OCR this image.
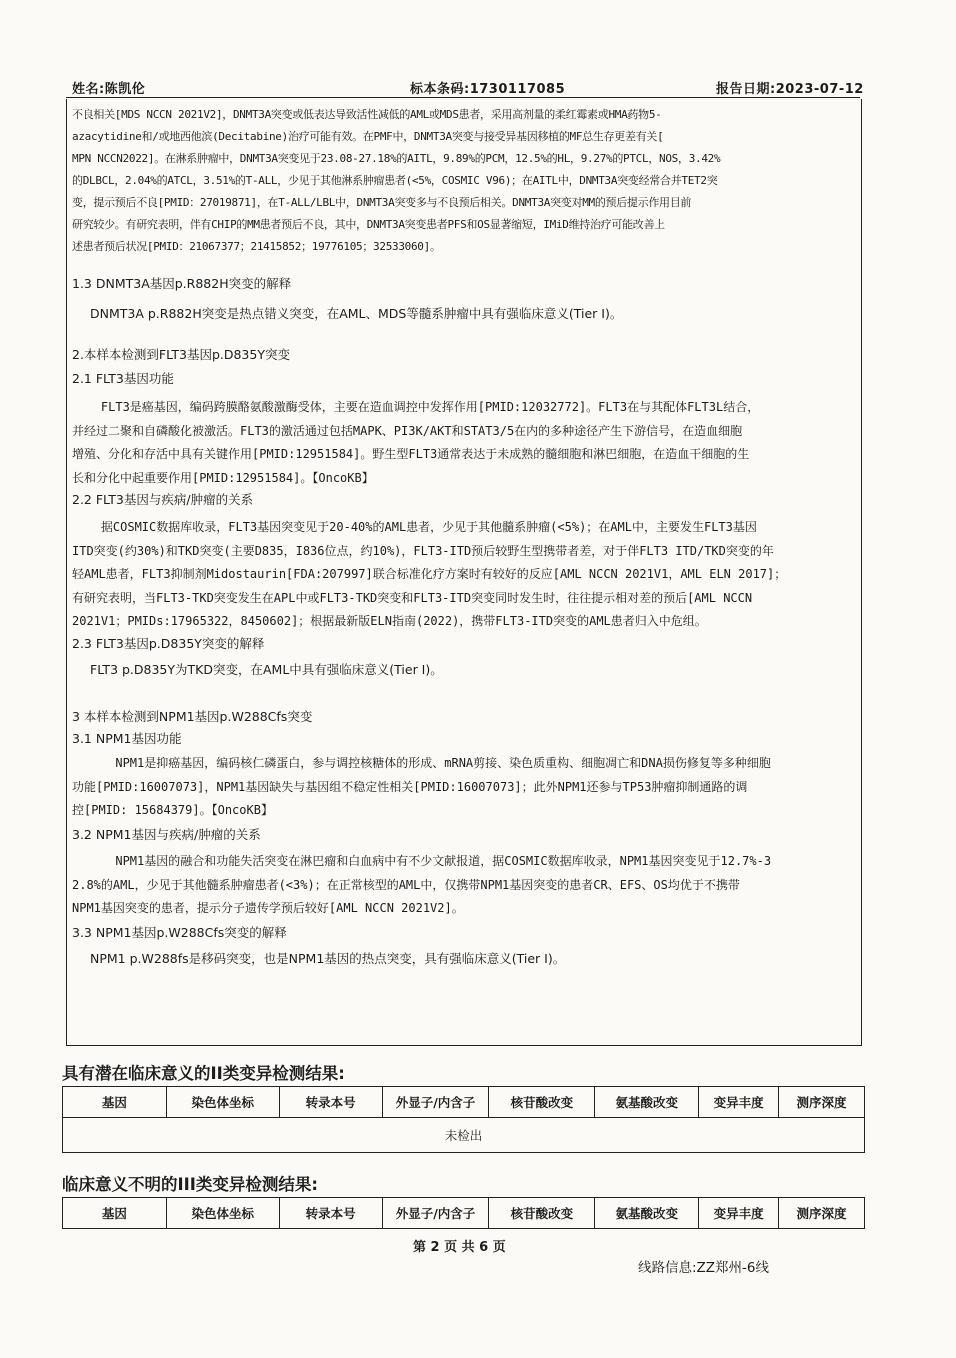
姓名:陈凯伦	标本条码:1730117085	报告日期:2023-07-12
不良相关[MDS NCCN 2021V2]，DNMT3A突变或低表达导致活性减低的AML或MDS患者，采用高剂量的柔红霉素或HMA药物5-
azacytidine和/或地西他滨(Decitabine)治疗可能有效。在PMF中，DNMT3A突变与接受异基因移植的MF总生存更差有关[
MPN NCCN2022]。在淋系肿瘤中，DNMT3A突变见于23.08-27.18%的AITL，9.89%的PCM，12.5%的HL，9.27%的PTCL，NOS，3.42%
的DLBCL，2.04%的ATCL，3.51%的T-ALL，少见于其他淋系肿瘤患者(<5%，COSMIC V96)；在AITL中，DNMT3A突变经常合并TET2突
变，提示预后不良[PMID：27019871]，在T-ALL/LBL中，DNMT3A突变多与不良预后相关。DNMT3A突变对MM的预后提示作用目前
研究较少。有研究表明，伴有CHIP的MM患者预后不良，其中，DNMT3A突变患者PFS和OS显著缩短，IMiD维持治疗可能改善上
述患者预后状况[PMID：21067377；21415852；19776105；32533060]。
1.3 DNMT3A基因p.R882H突变的解释
DNMT3A p.R882H突变是热点错义突变，在AML、MDS等髓系肿瘤中具有强临床意义(Tier I)。
2.本样本检测到FLT3基因p.D835Y突变
2.1 FLT3基因功能
FLT3是癌基因，编码跨膜酪氨酸激酶受体，主要在造血调控中发挥作用[PMID:12032772]。FLT3在与其配体FLT3L结合，
并经过二聚和自磷酸化被激活。FLT3的激活通过包括MAPK、PI3K/AKT和STAT3/5在内的多种途径产生下游信号，在造血细胞
增殖、分化和存活中具有关键作用[PMID:12951584]。野生型FLT3通常表达于未成熟的髓细胞和淋巴细胞，在造血干细胞的生
长和分化中起重要作用[PMID:12951584]。【OncoKB】
2.2 FLT3基因与疾病/肿瘤的关系
据COSMIC数据库收录，FLT3基因突变见于20-40%的AML患者，少见于其他髓系肿瘤(<5%)；在AML中，主要发生FLT3基因
ITD突变(约30%)和TKD突变(主要D835，I836位点，约10%)，FLT3-ITD预后较野生型携带者差，对于伴FLT3 ITD/TKD突变的年
轻AML患者，FLT3抑制剂Midostaurin[FDA:207997]联合标准化疗方案时有较好的反应[AML NCCN 2021V1，AML ELN 2017]；
有研究表明，当FLT3-TKD突变发生在APL中或FLT3-TKD突变和FLT3-ITD突变同时发生时，往往提示相对差的预后[AML NCCN
2021V1；PMIDs:17965322，8450602]；根据最新版ELN指南(2022)，携带FLT3-ITD突变的AML患者归入中危组。
2.3 FLT3基因p.D835Y突变的解释
FLT3 p.D835Y为TKD突变，在AML中具有强临床意义(Tier I)。
3 本样本检测到NPM1基因p.W288Cfs突变
3.1 NPM1基因功能
NPM1是抑癌基因，编码核仁磷蛋白，参与调控核糖体的形成、mRNA剪接、染色质重构、细胞凋亡和DNA损伤修复等多种细胞
功能[PMID:16007073]，NPM1基因缺失与基因组不稳定性相关[PMID:16007073]；此外NPM1还参与TP53肿瘤抑制通路的调
控[PMID: 15684379]。【OncoKB】
3.2 NPM1基因与疾病/肿瘤的关系
NPM1基因的融合和功能失活突变在淋巴瘤和白血病中有不少文献报道，据COSMIC数据库收录，NPM1基因突变见于12.7%-3
2.8%的AML，少见于其他髓系肿瘤患者(<3%)；在正常核型的AML中，仅携带NPM1基因突变的患者CR、EFS、OS均优于不携带
NPM1基因突变的患者，提示分子遗传学预后较好[AML NCCN 2021V2]。
3.3 NPM1基因p.W288Cfs突变的解释
NPM1 p.W288fs是移码突变，也是NPM1基因的热点突变，具有强临床意义(Tier I)。
具有潜在临床意义的II类变异检测结果:
基因	染色体坐标	转录本号	外显子/内含子	核苷酸改变	氨基酸改变	变异丰度	测序深度
未检出
临床意义不明的III类变异检测结果:
基因	染色体坐标	转录本号	外显子/内含子	核苷酸改变	氨基酸改变	变异丰度	测序深度
第 2 页 共 6 页
线路信息:ZZ郑州-6线
